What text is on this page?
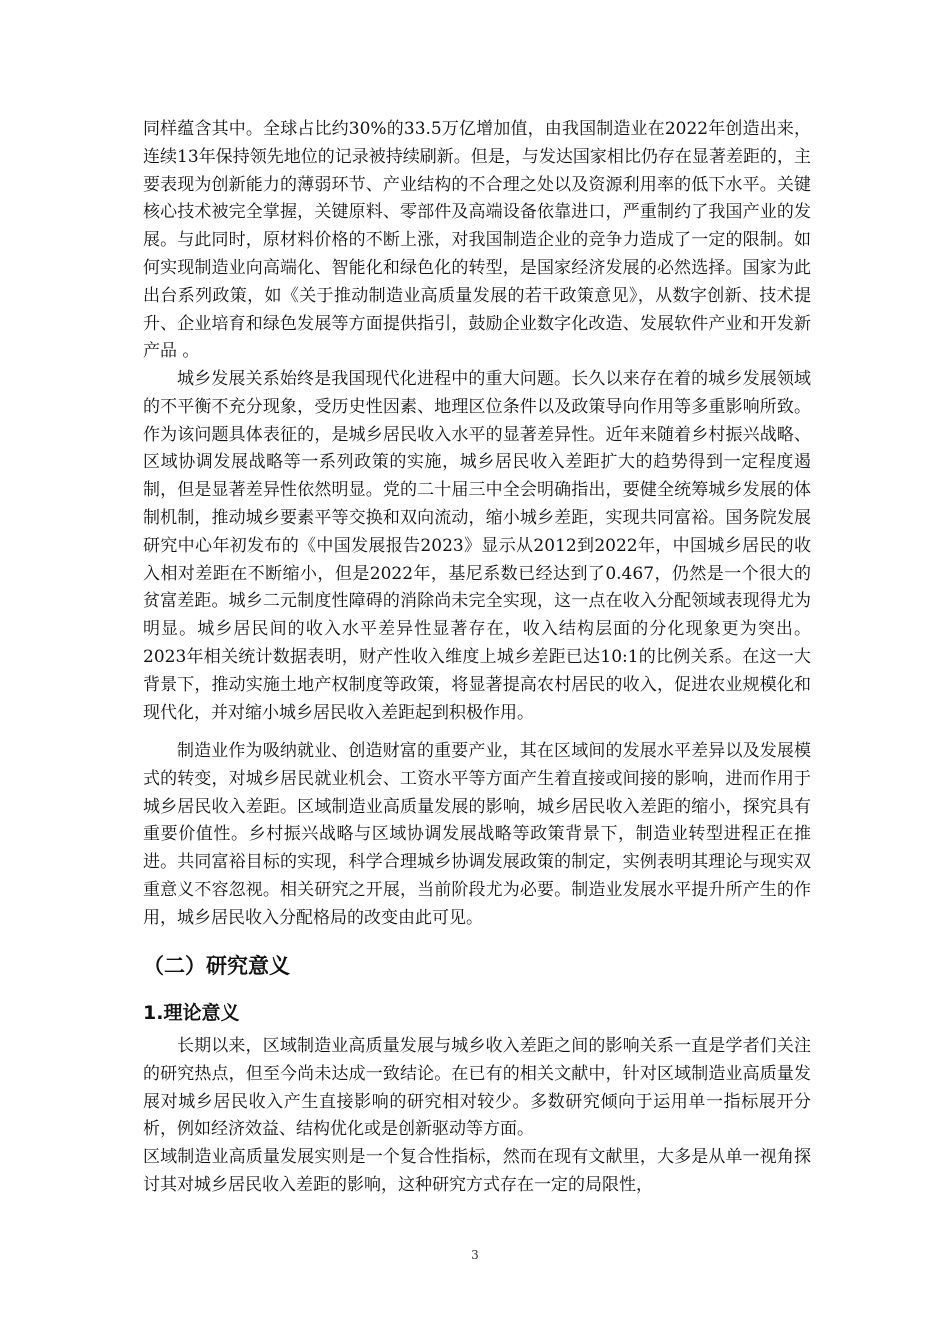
同样蕴含其中。全球占比约30%的33.5万亿增加值，由我国制造业在2022年创造出来，连续13年保持领先地位的记录被持续刷新。但是，与发达国家相比仍存在显著差距的，主要表现为创新能力的薄弱环节、产业结构的不合理之处以及资源利用率的低下水平。关键核心技术被完全掌握，关键原料、零部件及高端设备依靠进口，严重制约了我国产业的发展。与此同时，原材料价格的不断上涨，对我国制造企业的竞争力造成了一定的限制。如何实现制造业向高端化、智能化和绿色化的转型，是国家经济发展的必然选择。国家为此出台系列政策，如《关于推动制造业高质量发展的若干政策意见》，从数字创新、技术提升、企业培育和绿色发展等方面提供指引，鼓励企业数字化改造、发展软件产业和开发新产品 。

城乡发展关系始终是我国现代化进程中的重大问题。长久以来存在着的城乡发展领域的不平衡不充分现象，受历史性因素、地理区位条件以及政策导向作用等多重影响所致。作为该问题具体表征的，是城乡居民收入水平的显著差异性。近年来随着乡村振兴战略、区域协调发展战略等一系列政策的实施，城乡居民收入差距扩大的趋势得到一定程度遏制，但是显著差异性依然明显。党的二十届三中全会明确指出，要健全统筹城乡发展的体制机制，推动城乡要素平等交换和双向流动，缩小城乡差距，实现共同富裕。国务院发展研究中心年初发布的《中国发展报告2023》显示从2012到2022年，中国城乡居民的收入相对差距在不断缩小，但是2022年，基尼系数已经达到了0.467，仍然是一个很大的贫富差距。城乡二元制度性障碍的消除尚未完全实现，这一点在收入分配领域表现得尤为明显。城乡居民间的收入水平差异性显著存在，收入结构层面的分化现象更为突出。2023年相关统计数据表明，财产性收入维度上城乡差距已达10:1的比例关系。在这一大背景下，推动实施土地产权制度等政策，将显著提高农村居民的收入，促进农业规模化和现代化，并对缩小城乡居民收入差距起到积极作用。

制造业作为吸纳就业、创造财富的重要产业，其在区域间的发展水平差异以及发展模式的转变，对城乡居民就业机会、工资水平等方面产生着直接或间接的影响，进而作用于城乡居民收入差距。区域制造业高质量发展的影响，城乡居民收入差距的缩小，探究具有重要价值性。乡村振兴战略与区域协调发展战略等政策背景下，制造业转型进程正在推进。共同富裕目标的实现，科学合理城乡协调发展政策的制定，实例表明其理论与现实双重意义不容忽视。相关研究之开展，当前阶段尤为必要。制造业发展水平提升所产生的作用，城乡居民收入分配格局的改变由此可见。

（二）研究意义
1.理论意义

长期以来，区域制造业高质量发展与城乡收入差距之间的影响关系一直是学者们关注的研究热点，但至今尚未达成一致结论。在已有的相关文献中，针对区域制造业高质量发展对城乡居民收入产生直接影响的研究相对较少。多数研究倾向于运用单一指标展开分析，例如经济效益、结构优化或是创新驱动等方面。

区域制造业高质量发展实则是一个复合性指标，然而在现有文献里，大多是从单一视角探讨其对城乡居民收入差距的影响，这种研究方式存在一定的局限性，

3
